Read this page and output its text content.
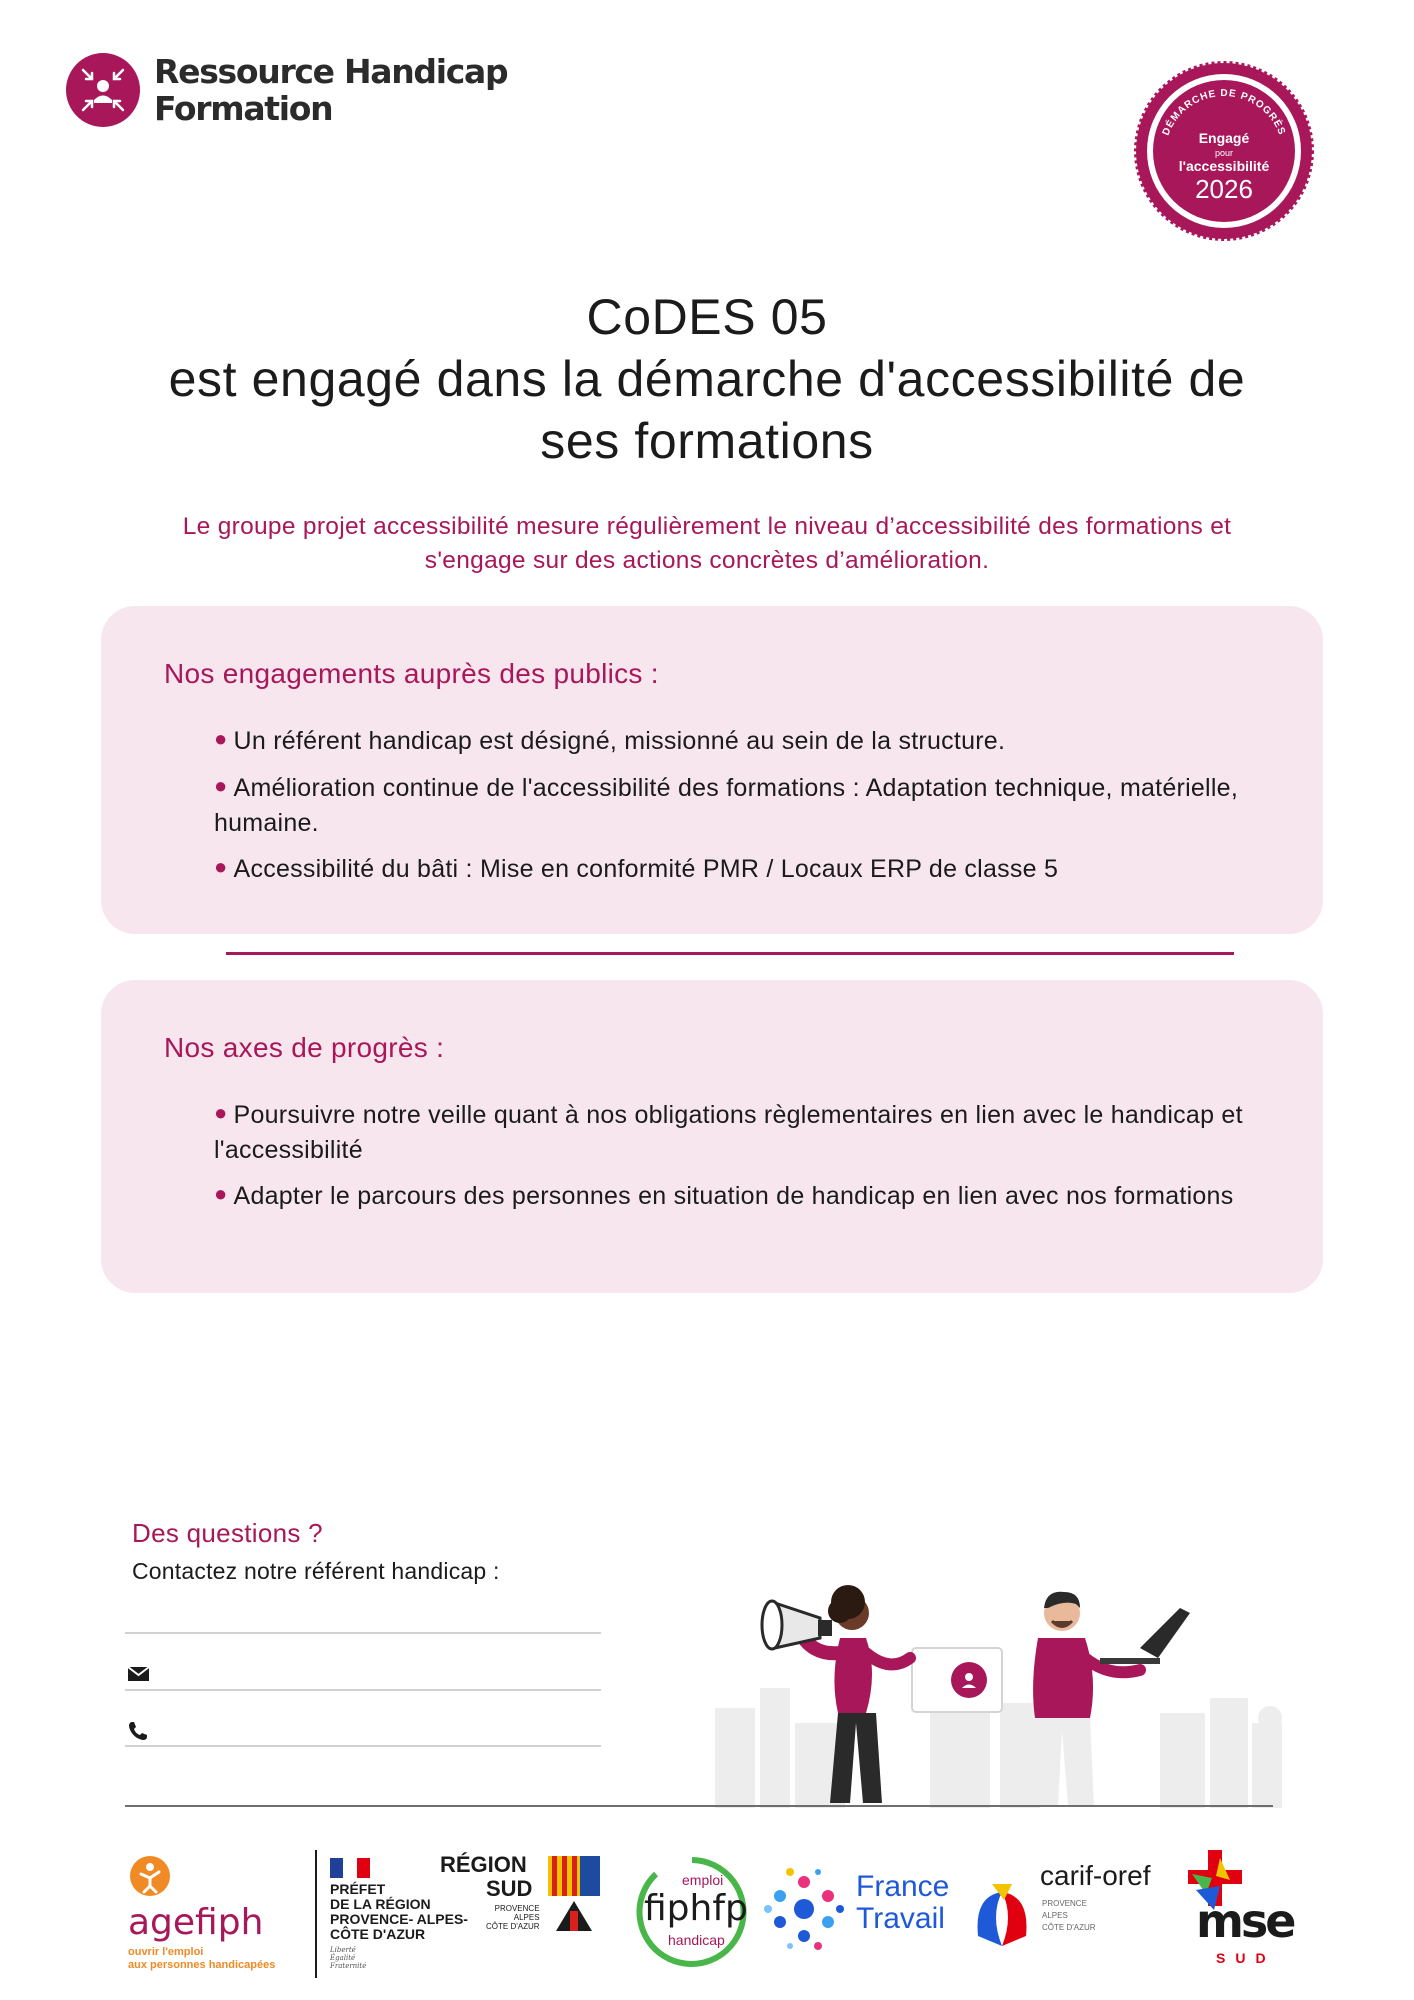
Ressource Handicap
Formation
DÉMARCHE DE PROGRÈS
Engagé
pour
l'accessibilité
2026
CoDES 05
est engagé dans la démarche d'accessibilité de
ses formations
Le groupe projet accessibilité mesure régulièrement le niveau d’accessibilité des formations et
s'engage sur des actions concrètes d’amélioration.
Nos engagements auprès des publics :
● Un référent handicap est désigné, missionné au sein de la structure.
● Amélioration continue de l'accessibilité des formations : Adaptation technique, matérielle, humaine.
● Accessibilité du bâti : Mise en conformité PMR / Locaux ERP de classe 5
Nos axes de progrès :
● Poursuivre notre veille quant à nos obligations règlementaires en lien avec le handicap et l'accessibilité
● Adapter le parcours des personnes en situation de handicap en lien avec nos formations
Des questions ?
Contactez notre référent handicap :
agefiph
ouvrir l'emploi
aux personnes handicapées
PRÉFET
DE LA RÉGION
PROVENCE- ALPES-
CÔTE D'AZUR
Liberté
Égalité
Fraternité
RÉGION
SUD
PROVENCE
ALPES
CÔTE D'AZUR
emploi
fiphfp
handicap
France
Travail
carif-oref
PROVENCE
ALPES
CÔTE D'AZUR mse
SUD
